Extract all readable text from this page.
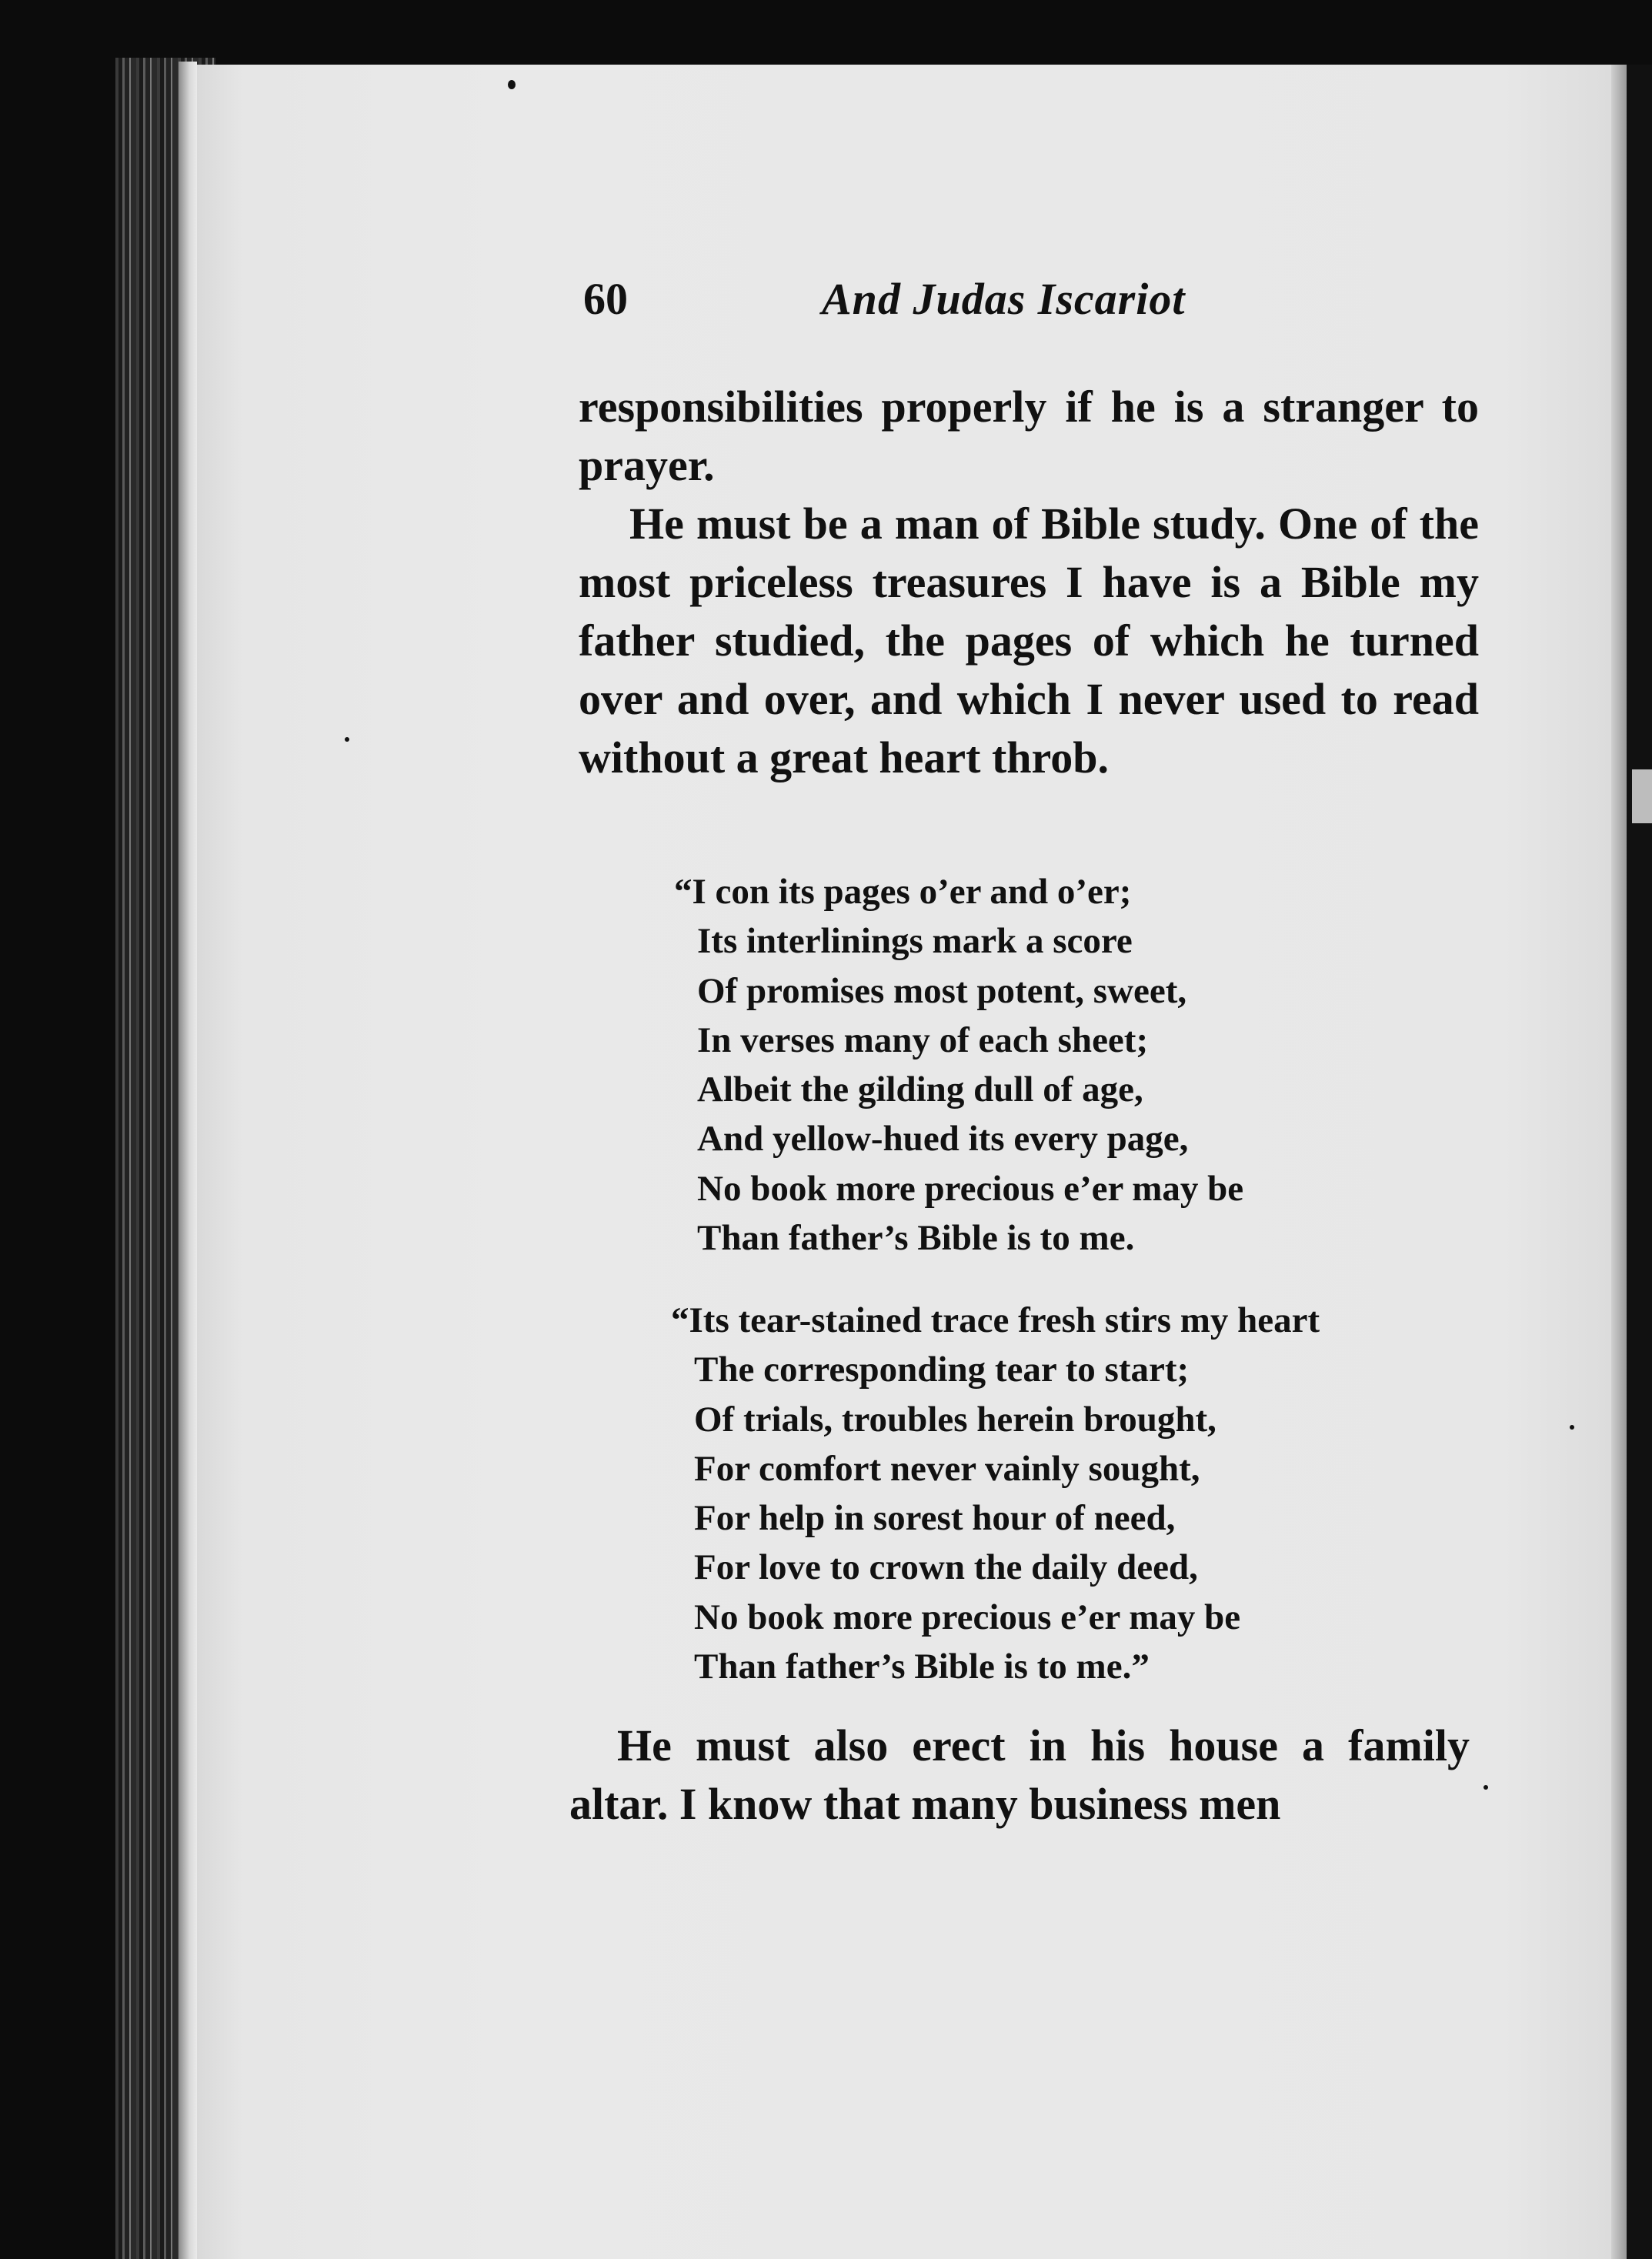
60	And Judas Iscariot

responsibilities properly if he is a stranger to prayer.

He must be a man of Bible study. One of the most priceless treasures I have is a Bible my father studied, the pages of which he turned over and over, and which I never used to read without a great heart throb.

“I con its pages o’er and o’er;
Its interlinings mark a score
Of promises most potent, sweet,
In verses many of each sheet;
Albeit the gilding dull of age,
And yellow-hued its every page,
No book more precious e’er may be
Than father’s Bible is to me.
“Its tear-stained trace fresh stirs my heart
The corresponding tear to start;
Of trials, troubles herein brought,
For comfort never vainly sought,
For help in sorest hour of need,
For love to crown the daily deed,
No book more precious e’er may be
Than father’s Bible is to me.”

He must also erect in his house a family altar. I know that many business men
